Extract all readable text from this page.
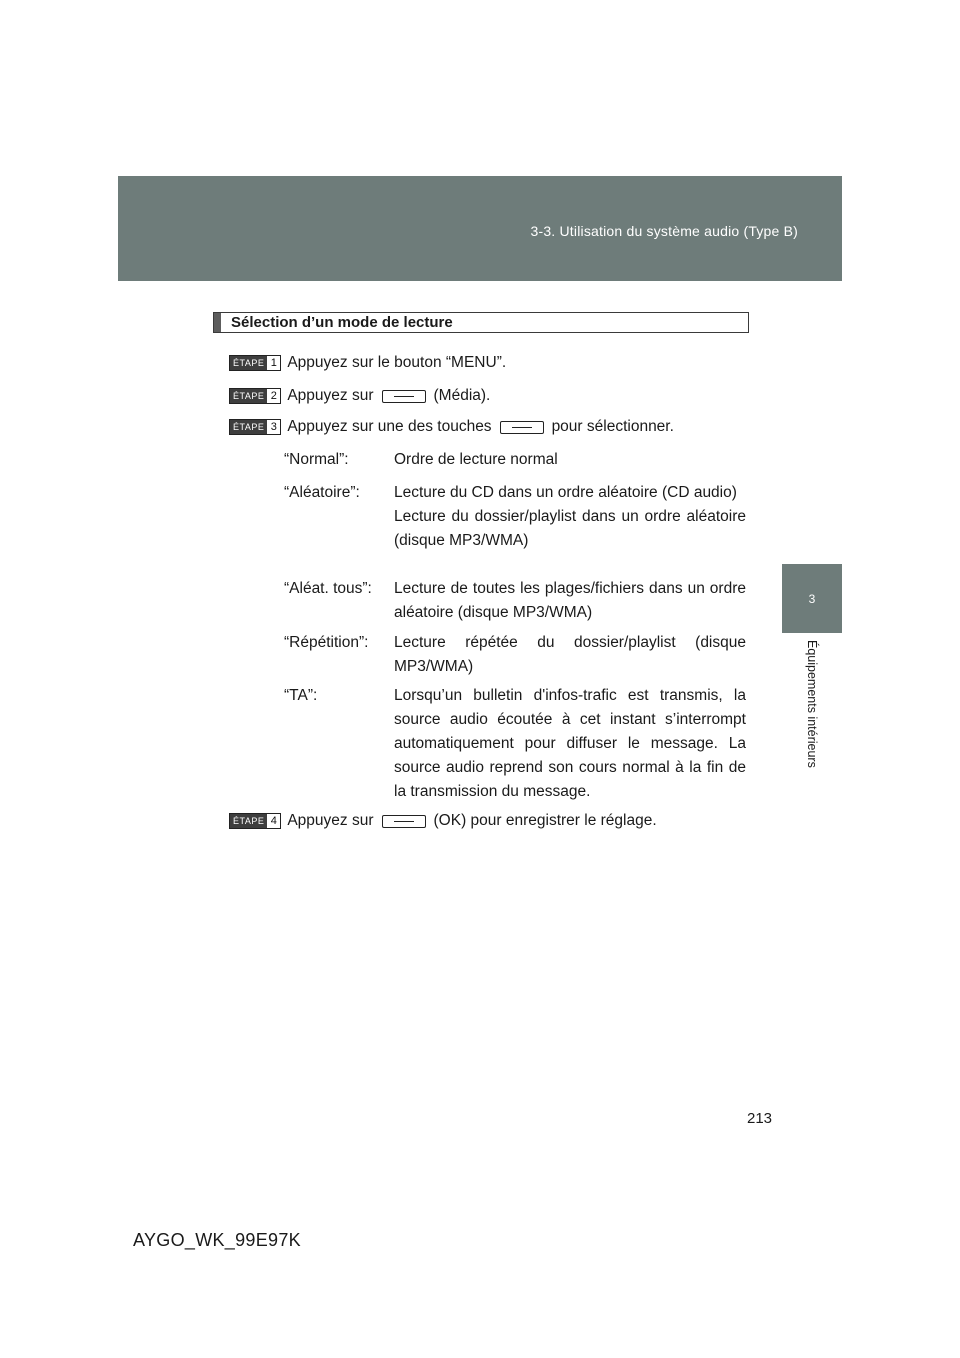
3-3. Utilisation du système audio (Type B)
3
Équipements intérieurs
Sélection d’un mode de lecture
ÉTAPE 1 Appuyez sur le bouton “MENU”.
ÉTAPE 2 Appuyez sur	(Média).
ÉTAPE 3 Appuyez sur une des touches	pour sélectionner.
“Normal”:	Ordre de lecture normal

“Aléatoire”: Lecture du CD dans un ordre aléatoire (CD audio)

Lecture du dossier/playlist dans un ordre aléatoire (disque MP3/WMA)

“Aléat. tous”: Lecture de toutes les plages/fichiers dans un ordre aléatoire (disque MP3/WMA)

“Répétition”: Lecture répétée du dossier/playlist (disque MP3/WMA)

“TA”:	Lorsqu’un bulletin d'infos-trafic est transmis, la source audio écoutée à cet instant s’interrompt automatiquement pour diffuser le message. La source audio reprend son cours normal à la fin de la transmission du message.

ÉTAPE 4 Appuyez sur	(OK) pour enregistrer le réglage.
213
AYGO_WK_99E97K
